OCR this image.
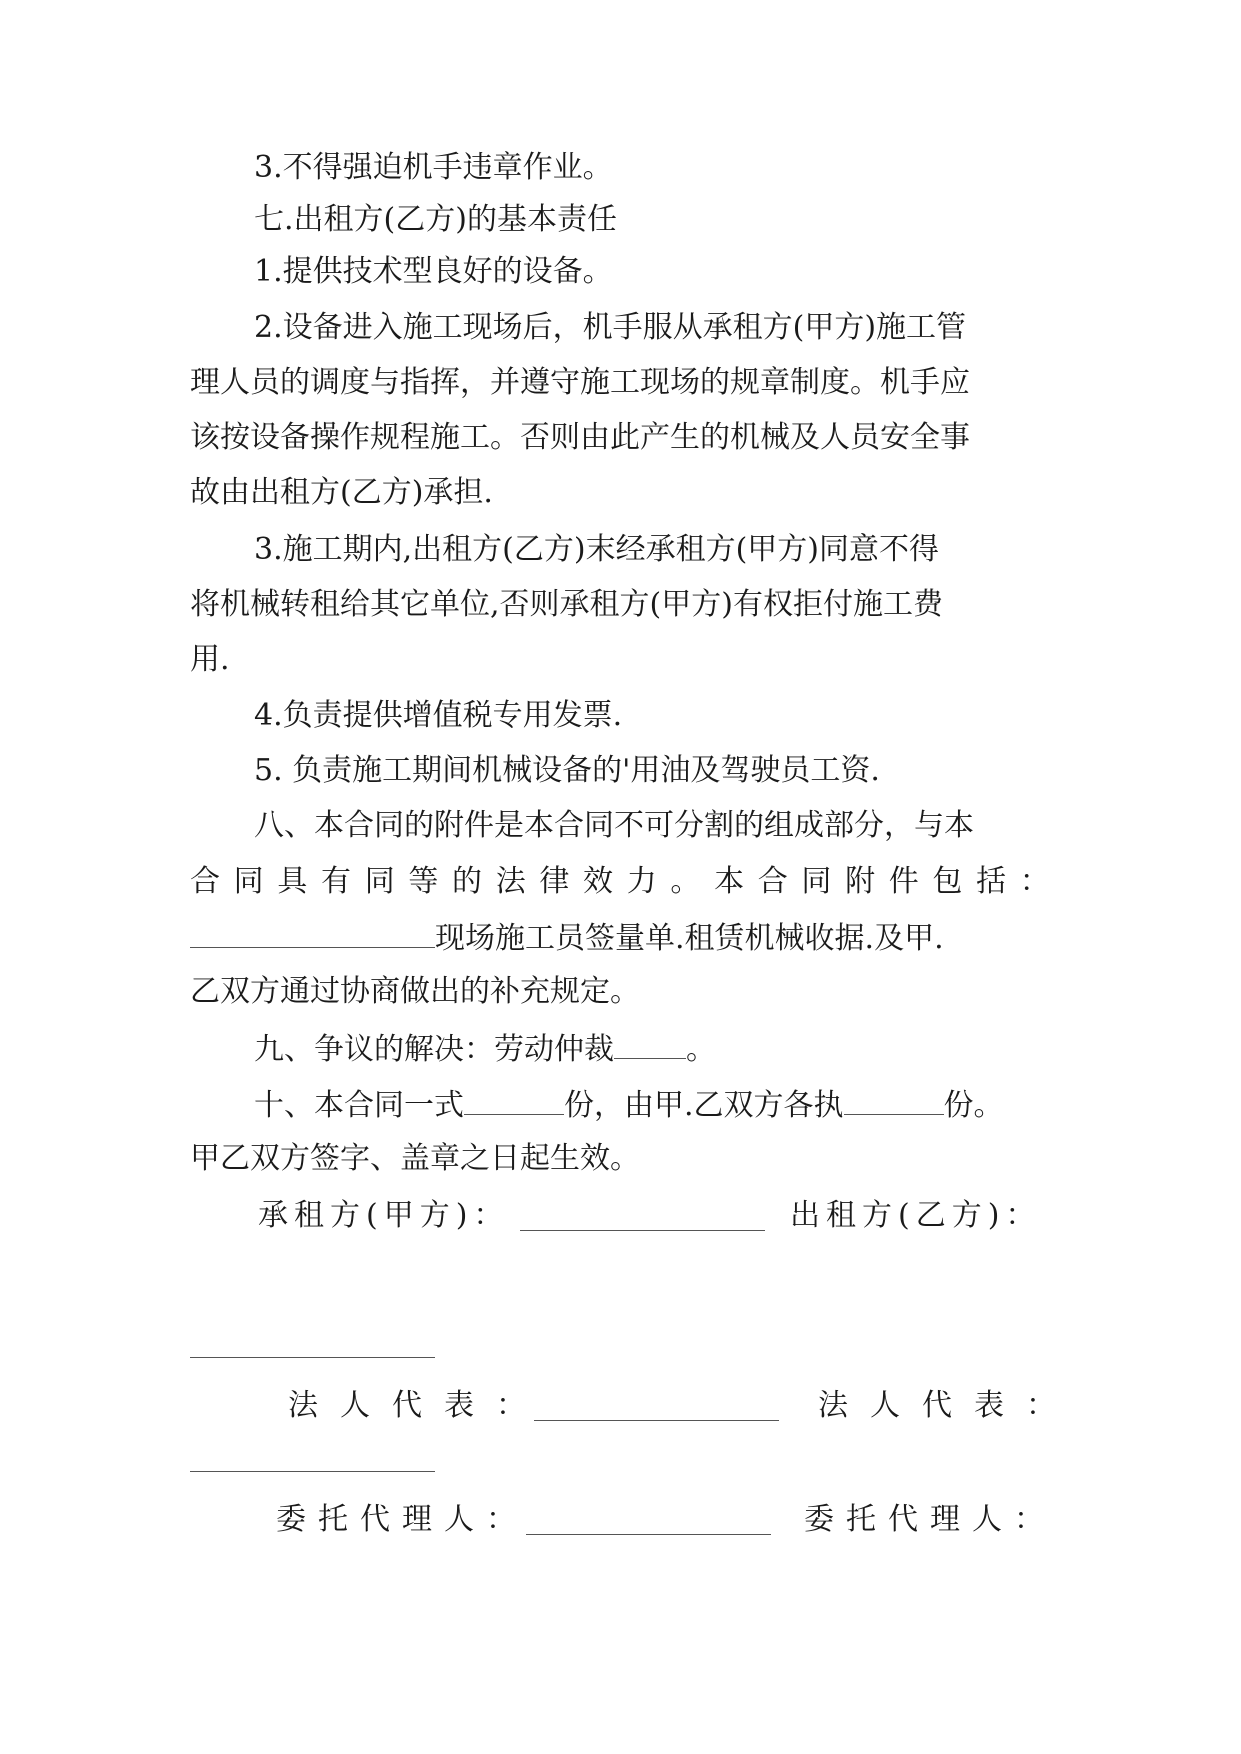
3.不得强迫机手违章作业。
七.出租方(乙方)的基本责任
1.提供技术型良好的设备。
2.设备进入施工现场后，机手服从承租方(甲方)施工管
理人员的调度与指挥，并遵守施工现场的规章制度。机手应
该按设备操作规程施工。否则由此产生的机械及人员安全事
故由出租方(乙方)承担.
3.施工期内,出租方(乙方)末经承租方(甲方)同意不得
将机械转租给其它单位,否则承租方(甲方)有权拒付施工费
用.
4.负责提供增值税专用发票.
5. 负责施工期间机械设备的'用油及驾驶员工资.
八、本合同的附件是本合同不可分割的组成部分，与本
合 同 具 有 同 等 的 法 律 效 力 。 本 合 同 附 件 包 括 ：
现场施工员签量单.租赁机械收据.及甲.
乙双方通过协商做出的补充规定。
九、争议的解决：劳动仲裁 。
十、本合同一式	份，由甲.乙双方各执	份。
甲乙双方签字、盖章之日起生效。
承租方(甲方)：	出租方(乙方)：
法人代表：	法人代表：
委托代理人：	委托代理人：
